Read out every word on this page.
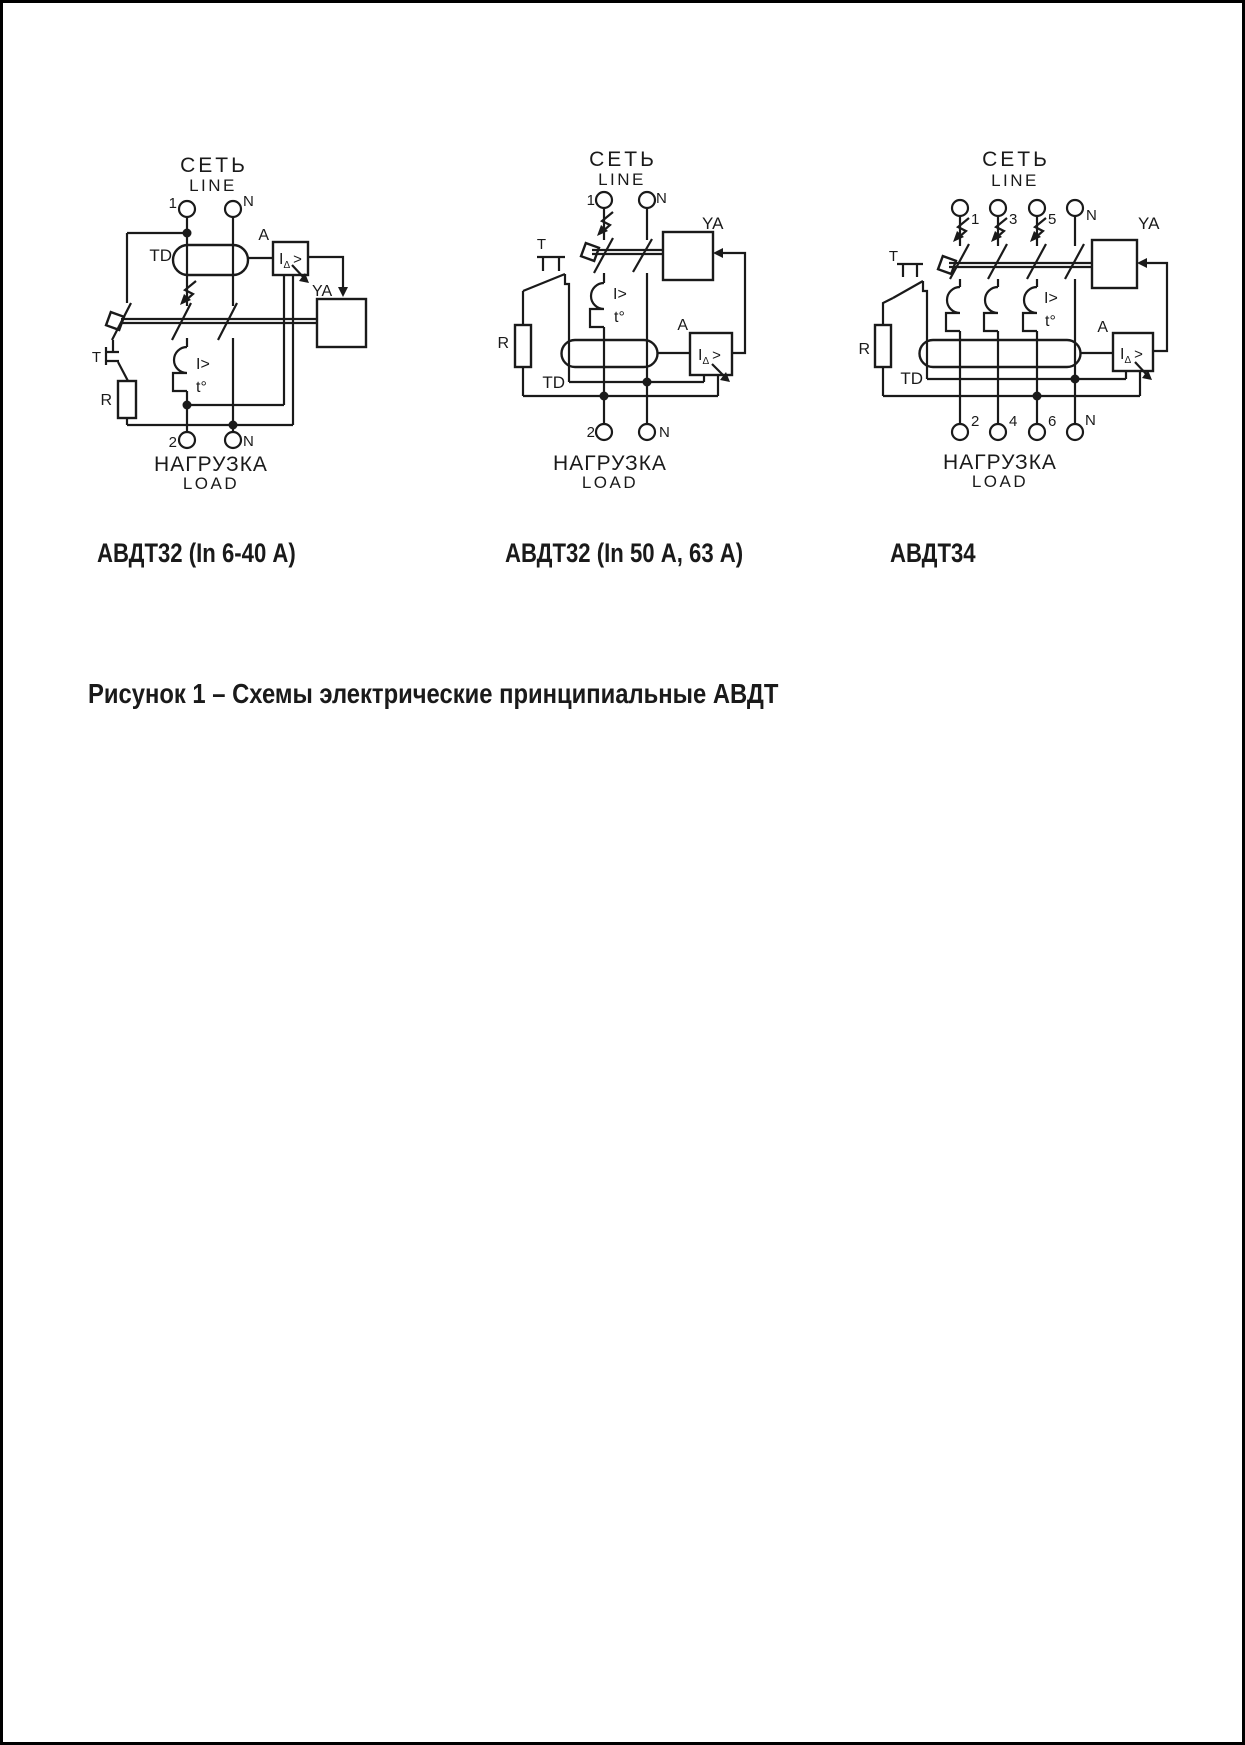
СЕТЬ
LINE
1	N
TD
A
YA
T
R
I>
t°
$I_\Delta$ >
2	N
НАГРУЗКА
LOAD
СЕТЬ
LINE
1	N
T
R
TD
I>
t°	A
YA
$I_\Delta$ >
2	N
НАГРУЗКА
LOAD
СЕТЬ
LINE
1 3 5 N
T
R
TD
I>
t°	A
YA
$I_\Delta$ >
2 4 6 N
НАГРУЗКА
LOAD
АВДТ32 (In 6-40 А)	АВДТ32 (In 50 А, 63 А)	АВДТ34
Рисунок 1 – Схемы электрические принципиальные АВДТ
